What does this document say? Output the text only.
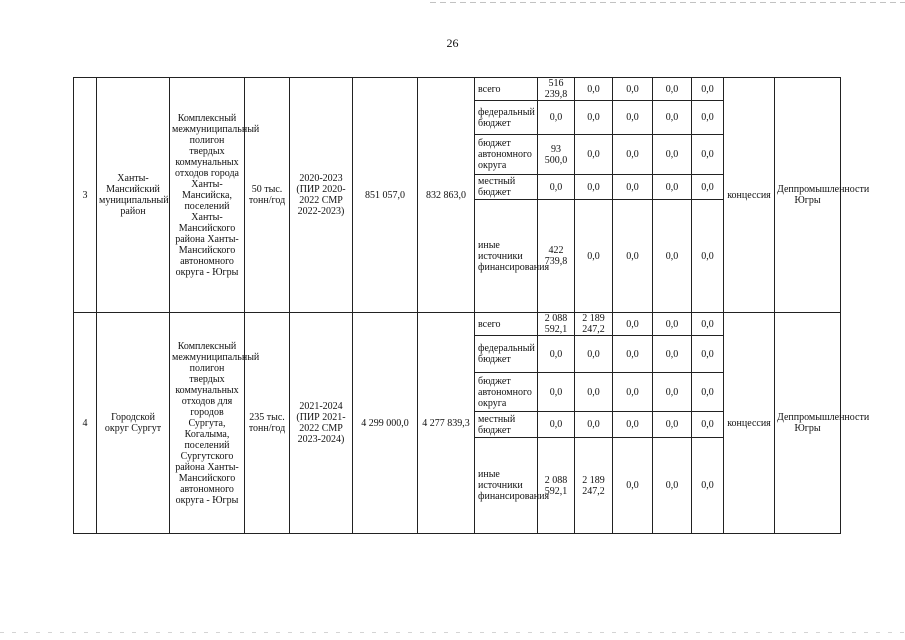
26
3	Ханты-Мансийский муниципальный район	Комплексный межмуниципальный полигон твердых коммунальных отходов города Ханты-Мансийска, поселений Ханты-Мансийского района Ханты-Мансийского автономного округа - Югры	50 тыс. тонн/год	2020-2023 (ПИР 2020-2022 СМР 2022-2023)	851 057,0	832 863,0	всего	516 239,8	0,0	0,0	0,0	0,0	концессия	Деппромышленности Югры
							федеральный бюджет	0,0	0,0	0,0	0,0	0,0		
							бюджет автономного округа	93 500,0	0,0	0,0	0,0	0,0		
							местный бюджет	0,0	0,0	0,0	0,0	0,0		
							иные источники финансирования	422 739,8	0,0	0,0	0,0	0,0		
4	Городской округ Сургут	Комплексный межмуниципальный полигон твердых коммунальных отходов для городов Сургута, Когалыма, поселений Сургутского района Ханты-Мансийского автономного округа - Югры	235 тыс. тонн/год	2021-2024 (ПИР 2021-2022 СМР 2023-2024)	4 299 000,0	4 277 839,3	всего	2 088 592,1	2 189 247,2	0,0	0,0	0,0	концессия	Деппромышленности Югры
							федеральный бюджет	0,0	0,0	0,0	0,0	0,0		
							бюджет автономного округа	0,0	0,0	0,0	0,0	0,0		
							местный бюджет	0,0	0,0	0,0	0,0	0,0		
							иные источники финансирования	2 088 592,1	2 189 247,2	0,0	0,0	0,0		
